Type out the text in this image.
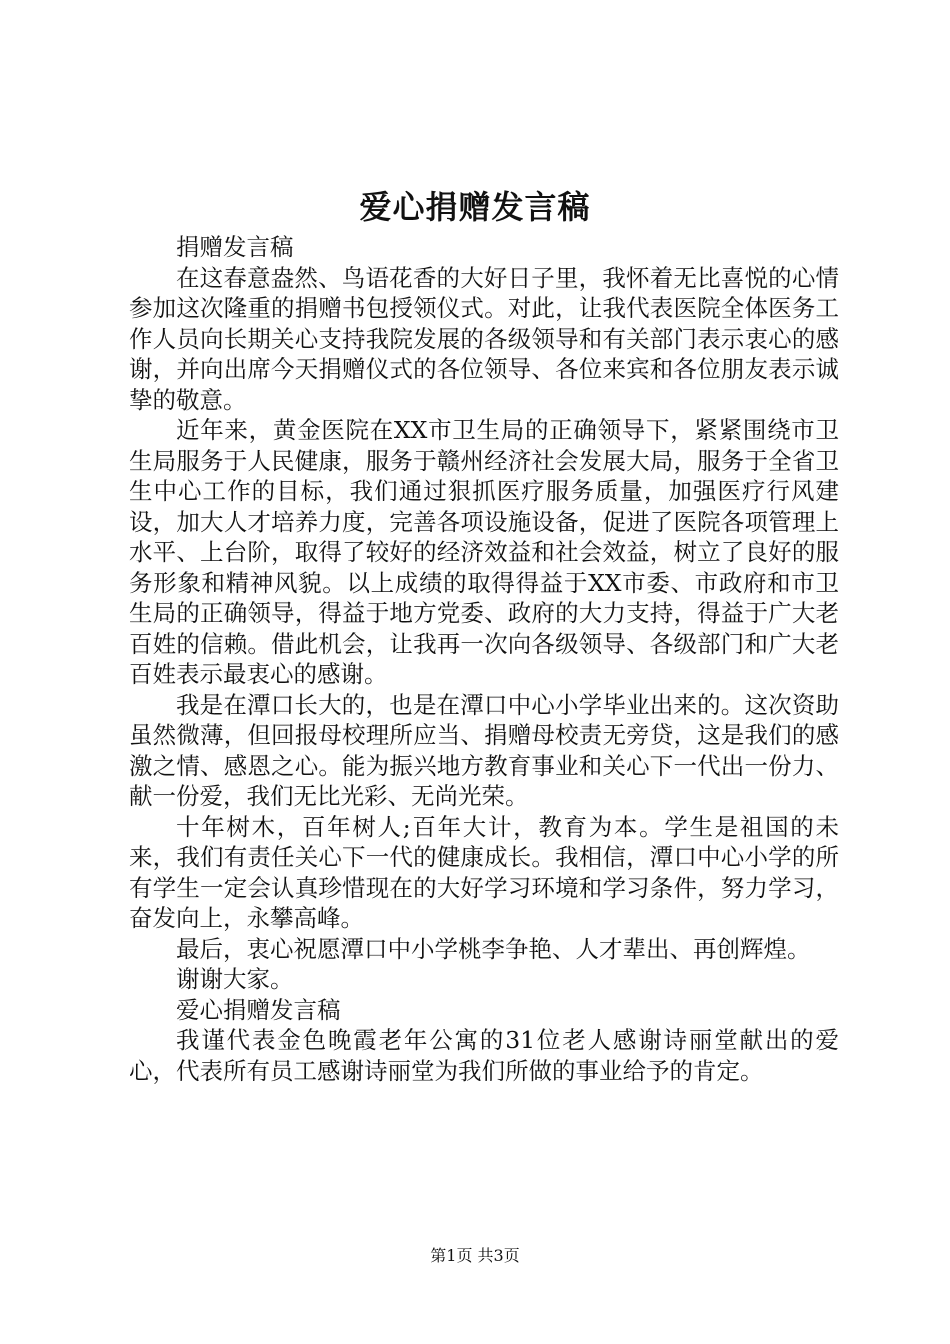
爱心捐赠发言稿

捐赠发言稿

在这春意盎然、鸟语花香的大好日子里，我怀着无比喜悦的心情参加这次隆重的捐赠书包授领仪式。对此，让我代表医院全体医务工作人员向长期关心支持我院发展的各级领导和有关部门表示衷心的感谢，并向出席今天捐赠仪式的各位领导、各位来宾和各位朋友表示诚挚的敬意。

近年来，黄金医院在XX市卫生局的正确领导下，紧紧围绕市卫生局服务于人民健康，服务于赣州经济社会发展大局，服务于全省卫生中心工作的目标，我们通过狠抓医疗服务质量，加强医疗行风建设，加大人才培养力度，完善各项设施设备，促进了医院各项管理上水平、上台阶，取得了较好的经济效益和社会效益，树立了良好的服务形象和精神风貌。以上成绩的取得得益于XX市委、市政府和市卫生局的正确领导，得益于地方党委、政府的大力支持，得益于广大老百姓的信赖。借此机会，让我再一次向各级领导、各级部门和广大老百姓表示最衷心的感谢。

我是在潭口长大的，也是在潭口中心小学毕业出来的。这次资助虽然微薄，但回报母校理所应当、捐赠母校责无旁贷，这是我们的感激之情、感恩之心。能为振兴地方教育事业和关心下一代出一份力、献一份爱，我们无比光彩、无尚光荣。

十年树木，百年树人;百年大计，教育为本。学生是祖国的未来，我们有责任关心下一代的健康成长。我相信，潭口中心小学的所有学生一定会认真珍惜现在的大好学习环境和学习条件，努力学习，奋发向上，永攀高峰。

最后，衷心祝愿潭口中小学桃李争艳、人才辈出、再创辉煌。

谢谢大家。

爱心捐赠发言稿

我谨代表金色晚霞老年公寓的31位老人感谢诗丽堂献出的爱心，代表所有员工感谢诗丽堂为我们所做的事业给予的肯定。

第1页 共3页
